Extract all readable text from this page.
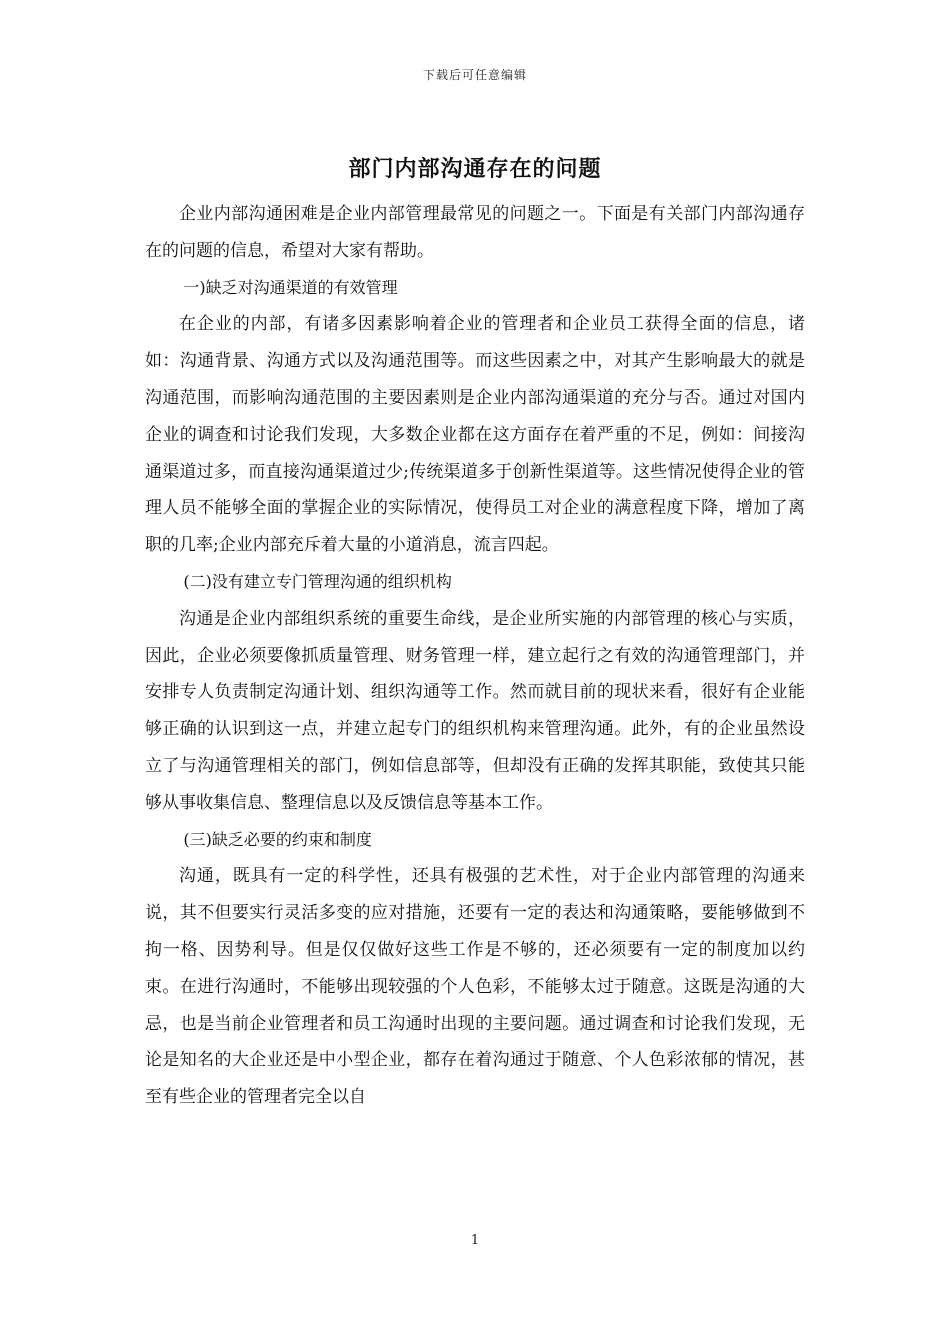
下载后可任意编辑
部门内部沟通存在的问题

企业内部沟通困难是企业内部管理最常见的问题之一。下面是有关部门内部沟通存在的问题的信息，希望对大家有帮助。

一)缺乏对沟通渠道的有效管理

在企业的内部，有诸多因素影响着企业的管理者和企业员工获得全面的信息，诸如：沟通背景、沟通方式以及沟通范围等。而这些因素之中，对其产生影响最大的就是沟通范围，而影响沟通范围的主要因素则是企业内部沟通渠道的充分与否。通过对国内企业的调查和讨论我们发现，大多数企业都在这方面存在着严重的不足，例如：间接沟通渠道过多，而直接沟通渠道过少;传统渠道多于创新性渠道等。这些情况使得企业的管理人员不能够全面的掌握企业的实际情况，使得员工对企业的满意程度下降，增加了离职的几率;企业内部充斥着大量的小道消息，流言四起。

(二)没有建立专门管理沟通的组织机构

沟通是企业内部组织系统的重要生命线，是企业所实施的内部管理的核心与实质，因此，企业必须要像抓质量管理、财务管理一样，建立起行之有效的沟通管理部门，并安排专人负责制定沟通计划、组织沟通等工作。然而就目前的现状来看，很好有企业能够正确的认识到这一点，并建立起专门的组织机构来管理沟通。此外，有的企业虽然设立了与沟通管理相关的部门，例如信息部等，但却没有正确的发挥其职能，致使其只能够从事收集信息、整理信息以及反馈信息等基本工作。

(三)缺乏必要的约束和制度

沟通，既具有一定的科学性，还具有极强的艺术性，对于企业内部管理的沟通来说，其不但要实行灵活多变的应对措施，还要有一定的表达和沟通策略，要能够做到不拘一格、因势利导。但是仅仅做好这些工作是不够的，还必须要有一定的制度加以约束。在进行沟通时，不能够出现较强的个人色彩，不能够太过于随意。这既是沟通的大忌，也是当前企业管理者和员工沟通时出现的主要问题。通过调查和讨论我们发现，无论是知名的大企业还是中小型企业，都存在着沟通过于随意、个人色彩浓郁的情况，甚至有些企业的管理者完全以自

1
